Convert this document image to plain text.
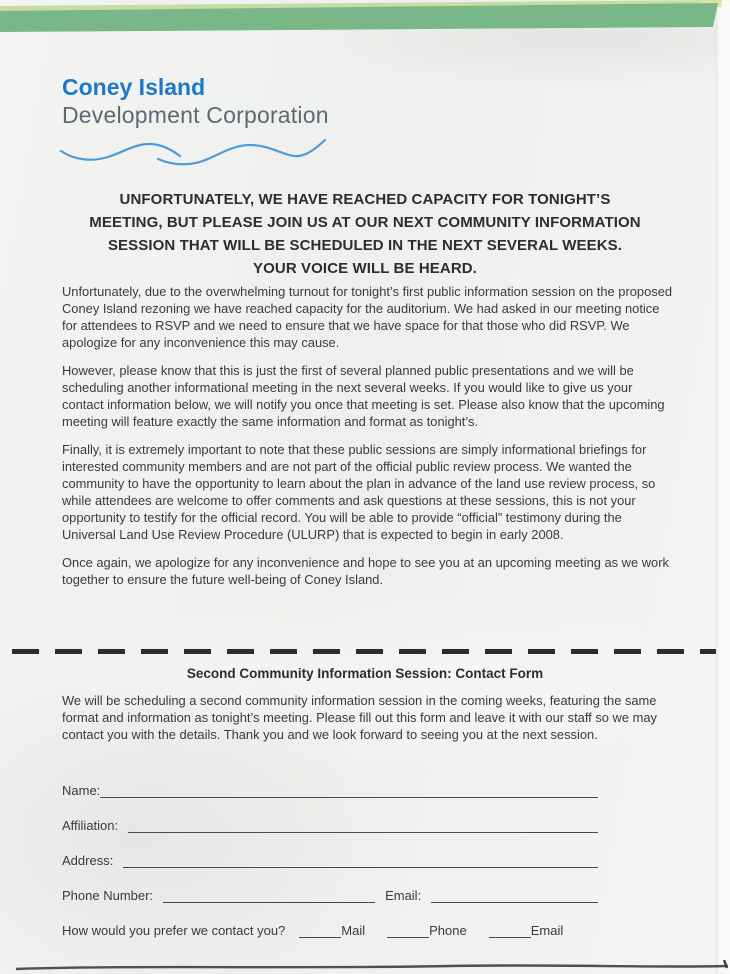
Coney Island
Development Corporation
UNFORTUNATELY, WE HAVE REACHED CAPACITY FOR TONIGHT’S
MEETING, BUT PLEASE JOIN US AT OUR NEXT COMMUNITY INFORMATION
SESSION THAT WILL BE SCHEDULED IN THE NEXT SEVERAL WEEKS.
YOUR VOICE WILL BE HEARD.

Unfortunately, due to the overwhelming turnout for tonight’s first public information session on the proposed Coney Island rezoning we have reached capacity for the auditorium. We had asked in our meeting notice for attendees to RSVP and we need to ensure that we have space for that those who did RSVP. We apologize for any inconvenience this may cause.

However, please know that this is just the first of several planned public presentations and we will be scheduling another informational meeting in the next several weeks. If you would like to give us your contact information below, we will notify you once that meeting is set. Please also know that the upcoming meeting will feature exactly the same information and format as tonight’s.

Finally, it is extremely important to note that these public sessions are simply informational briefings for interested community members and are not part of the official public review process. We wanted the community to have the opportunity to learn about the plan in advance of the land use review process, so while attendees are welcome to offer comments and ask questions at these sessions, this is not your opportunity to testify for the official record. You will be able to provide “official” testimony during the Universal Land Use Review Procedure (ULURP) that is expected to begin in early 2008.

Once again, we apologize for any inconvenience and hope to see you at an upcoming meeting as we work together to ensure the future well-being of Coney Island.

Second Community Information Session: Contact Form
We will be scheduling a second community information session in the coming weeks, featuring the same format and information as tonight’s meeting. Please fill out this form and leave it with our staff so we may contact you with the details. Thank you and we look forward to seeing you at the next session.
Name:
Affiliation:
Address:
Phone Number:	Email:
How would you prefer we contact you?	Mail	Phone	Email
